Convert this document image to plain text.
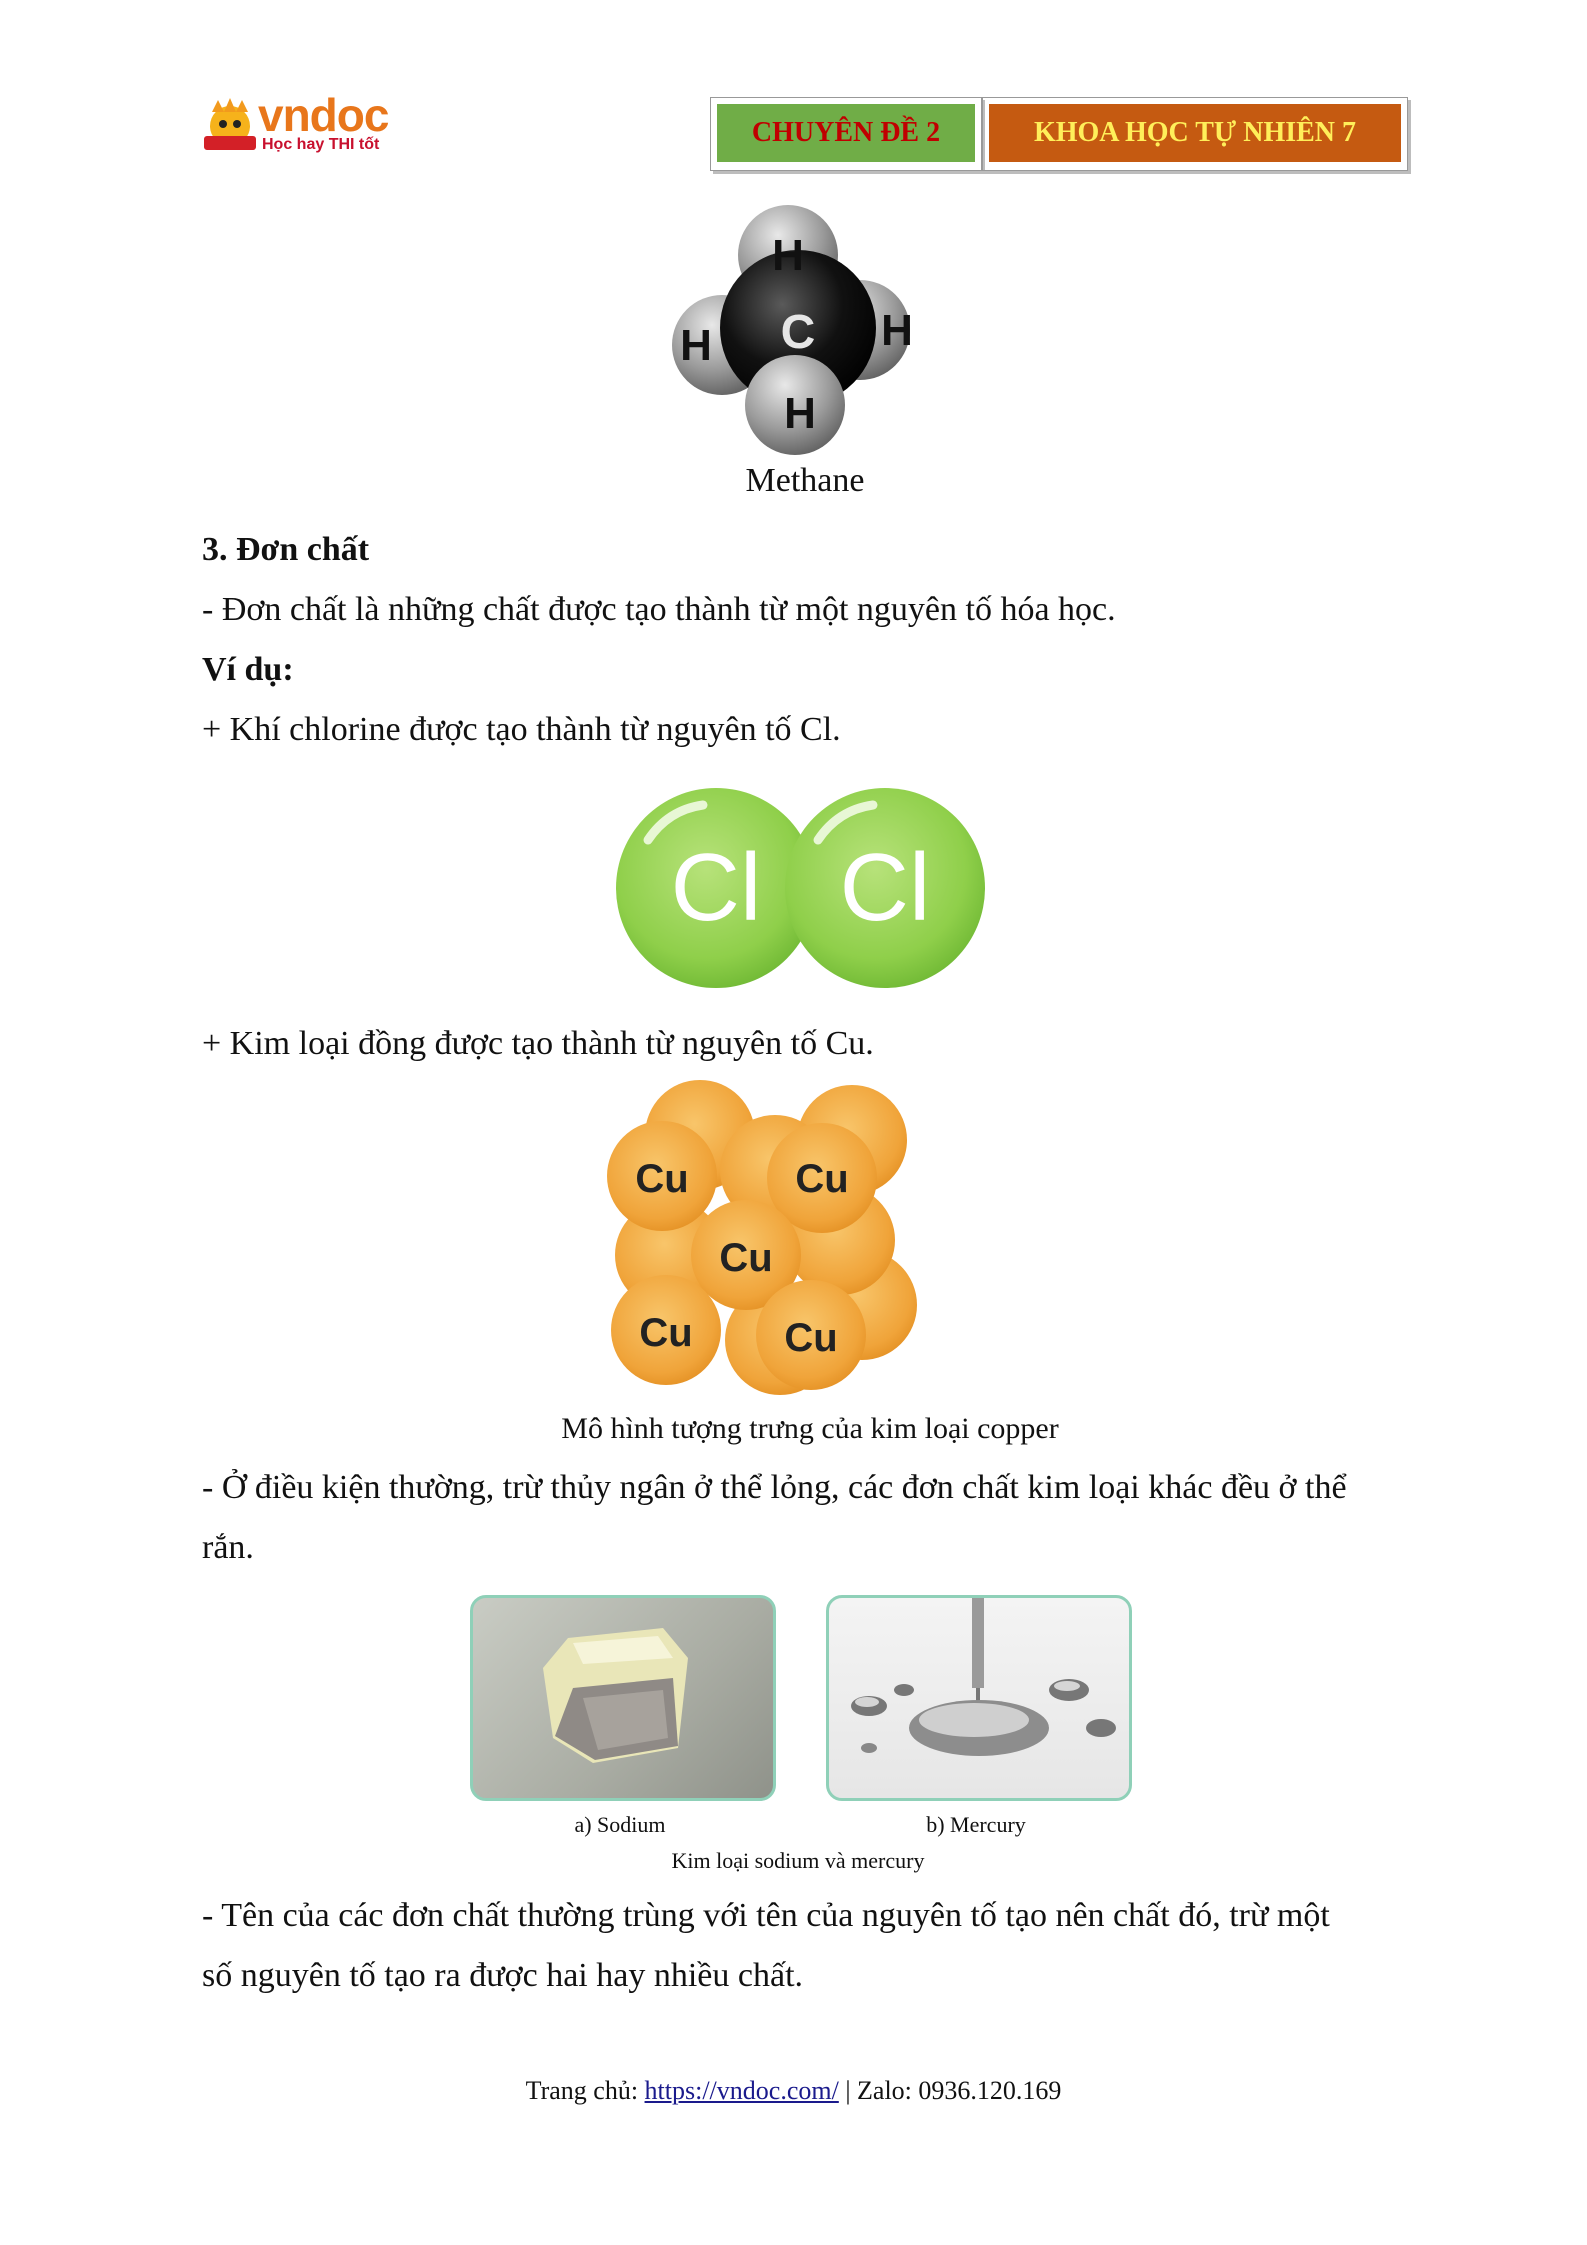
vndoc
Học hay THI tốt	CHUYÊN ĐỀ 2	KHOA HỌC TỰ NHIÊN 7
H
H
H
H
C
Methane
3. Đơn chất
- Đơn chất là những chất được tạo thành từ một nguyên tố hóa học.
Ví dụ:
+ Khí chlorine được tạo thành từ nguyên tố Cl.
Cl Cl
+ Kim loại đồng được tạo thành từ nguyên tố Cu.
Cu	Cu
Cu
Cu Cu
Mô hình tượng trưng của kim loại copper
- Ở điều kiện thường, trừ thủy ngân ở thể lỏng, các đơn chất kim loại khác đều ở thể
rắn.
a) Sodium	b) Mercury
Kim loại sodium và mercury
- Tên của các đơn chất thường trùng với tên của nguyên tố tạo nên chất đó, trừ một
số nguyên tố tạo ra được hai hay nhiều chất.
Trang chủ: https://vndoc.com/ | Zalo: 0936.120.169
